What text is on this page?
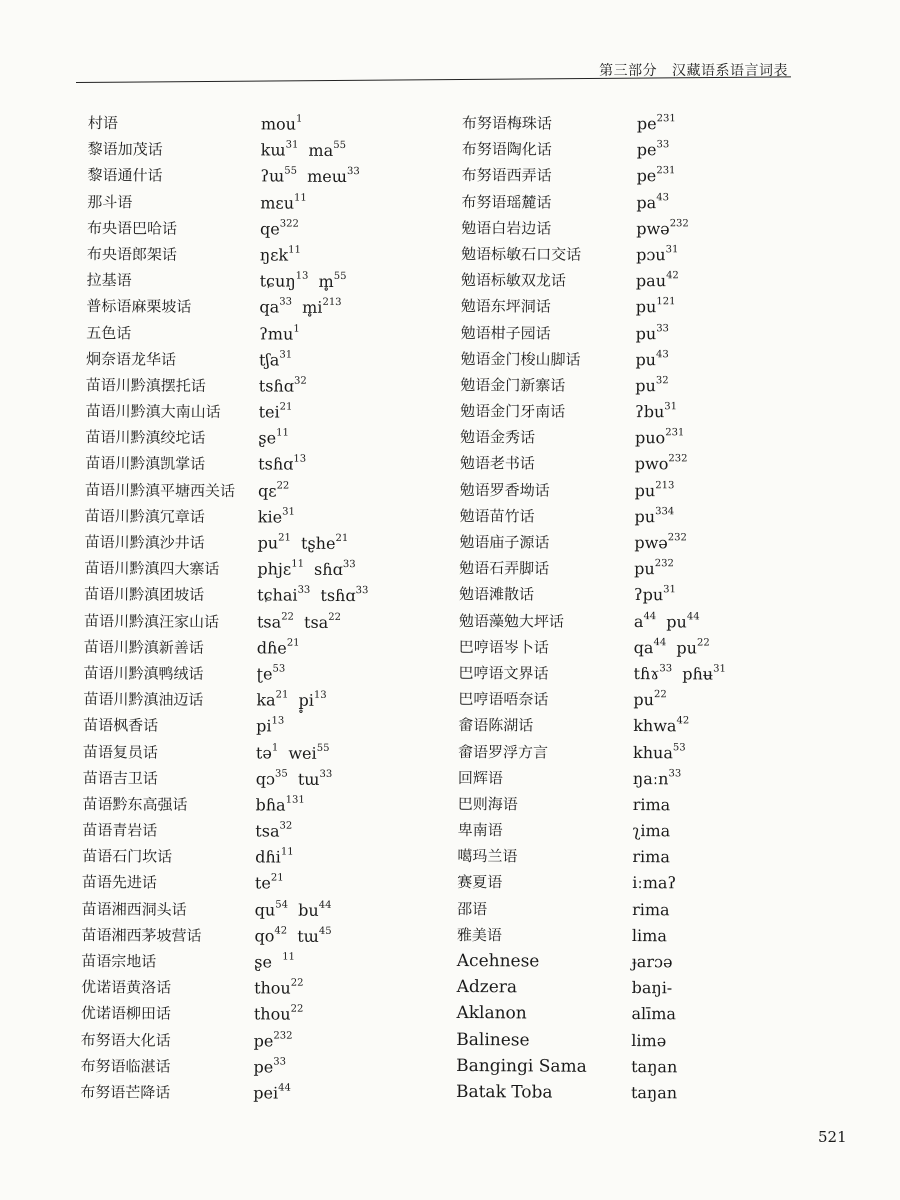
第三部分 汉藏语系语言词表
村语	mou$^1$
黎语加茂话	kɯ$^{31}$  $ma^{55}$
黎语通什话	ʔɯ$^{55}$  meɯ$^{33}$
那斗语	mɛu$^{11}$
布央语巴哈话	$qe^{322}$
布央语郎架话	ŋɛk$^{11}$
拉基语	tɕuŋ$^{13}$  m̥$^{55}$
普标语麻栗坡话	$qa^{33}$  $m̥i^{213}$
五色话	ʔmu$^1$
炯奈语龙华话	tʃa$^{31}$
苗语川黔滇摆托话	tsɦɑ$^{32}$
苗语川黔滇大南山话 tei$^{21}$
苗语川黔滇绞坨话	ʂe$^{11}$
苗语川黔滇凯掌话	tsɦɑ$^{13}$
苗语川黔滇平塘西关话 qɛ$^{22}$
苗语川黔滇冗章话	kie$^{31}$
苗语川黔滇沙井话	$pu^{21}$  tʂhe$^{21}$
苗语川黔滇四大寨话 phjɛ$^{11}$  sɦɑ$^{33}$
苗语川黔滇团坡话	tɕhai$^{33}$  tsɦɑ$^{33}$
苗语川黔滇汪家山话 tsa$^{22}$  tsa$^{22}$
苗语川黔滇新善话	dɦe$^{21}$
苗语川黔滇鸭绒话	ʈe$^{53}$
苗语川黔滇油迈话	$ka^{21}$  $p̥i^{13}$
苗语枫香话	$pi^{13}$
苗语复员话	tə$^1$  wei$^{55}$
苗语吉卫话	qɔ$^{35}$  tɯ$^{33}$
苗语黔东高强话	bɦa$^{131}$
苗语青岩话	tsa$^{32}$
苗语石门坎话	dɦi$^{11}$
苗语先进话	$te^{21}$
苗语湘西洞头话	$qu^{54}$  $bu^{44}$
苗语湘西茅坡营话	$qo^{42}$  tɯ$^{45}$
苗语宗地话	ʂe  $^{11}$
优诺语黄洛话	thou$^{22}$
优诺语柳田话	thou$^{22}$
布努语大化话	$pe^{232}$
布努语临湛话	$pe^{33}$
布努语芒降话	pei$^{44}$
布努语梅珠话	$pe^{231}$
布努语陶化话	$pe^{33}$
布努语西弄话	$pe^{231}$
布努语瑶麓话	$pa^{43}$
勉语白岩边话	pwə$^{232}$
勉语标敏石口交话	pɔu$^{31}$
勉语标敏双龙话	pau$^{42}$
勉语东坪洞话	$pu^{121}$
勉语柑子园话	$pu^{33}$
勉语金门梭山脚话	$pu^{43}$
勉语金门新寨话	$pu^{32}$
勉语金门牙南话	ʔbu$^{31}$
勉语金秀话	puo$^{231}$
勉语老书话	pwo$^{232}$
勉语罗香坳话	$pu^{213}$
勉语苗竹话	$pu^{334}$
勉语庙子源话	pwə$^{232}$
勉语石弄脚话	$pu^{232}$
勉语滩散话	ʔpu$^{31}$
勉语藻勉大坪话	$a^{44}$  $pu^{44}$
巴哼语岑卜话	$qa^{44}$  $pu^{22}$
巴哼语文界话	tɦɤ$^{33}$  pɦʉ$^{31}$
巴哼语唔奈话	$pu^{22}$
畲语陈湖话	khwa$^{42}$
畲语罗浮方言	khua$^{53}$
回辉语	ŋaːn$^{33}$
巴则海语	rima
卑南语	ʅima
噶玛兰语	rima
赛夏语	iːmaʔ
邵语	rima
雅美语	lima
Acehnese	ɟarɔə
Adzera	baŋi-
Aklanon	alīma
Balinese	limə
Bangingi Sama	taŋan
Batak Toba	taŋan
521
